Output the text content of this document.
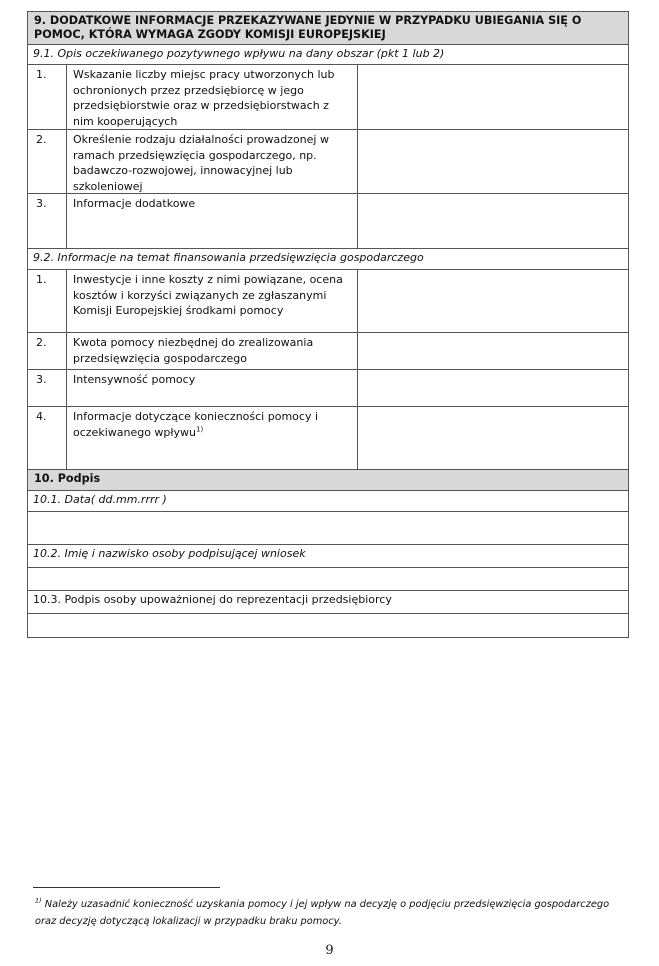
9. DODATKOWE INFORMACJE PRZEKAZYWANE JEDYNIE W PRZYPADKU UBIEGANIA SIĘ O POMOC, KTÓRA WYMAGA ZGODY KOMISJI EUROPEJSKIEJ
9.1. Opis oczekiwanego pozytywnego wpływu na dany obszar (pkt 1 lub 2)
1.	Wskazanie liczby miejsc pracy utworzonych lub ochronionych przez przedsiębiorcę w jego przedsiębiorstwie oraz w przedsiębiorstwach z nim kooperujących
2.	Określenie rodzaju działalności prowadzonej w ramach przedsięwzięcia gospodarczego, np. badawczo-rozwojowej, innowacyjnej lub szkoleniowej
3.	Informacje dodatkowe
9.2. Informacje na temat finansowania przedsięwzięcia gospodarczego
1.	Inwestycje i inne koszty z nimi powiązane, ocena kosztów i korzyści związanych ze zgłaszanymi Komisji Europejskiej środkami pomocy
2.	Kwota pomocy niezbędnej do zrealizowania przedsięwzięcia gospodarczego
3.	Intensywność pomocy
4.	Informacje dotyczące konieczności pomocy i oczekiwanego wpływu$^{1)}$
10. Podpis
10.1. Data( dd.mm.rrrr )
10.2. Imię i nazwisko osoby podpisującej wniosek
10.3. Podpis osoby upoważnionej do reprezentacji przedsiębiorcy
$^{1)}$ Należy uzasadnić konieczność uzyskania pomocy i jej wpływ na decyzję o podjęciu przedsięwzięcia gospodarczego oraz decyzję dotyczącą lokalizacji w przypadku braku pomocy.
9
